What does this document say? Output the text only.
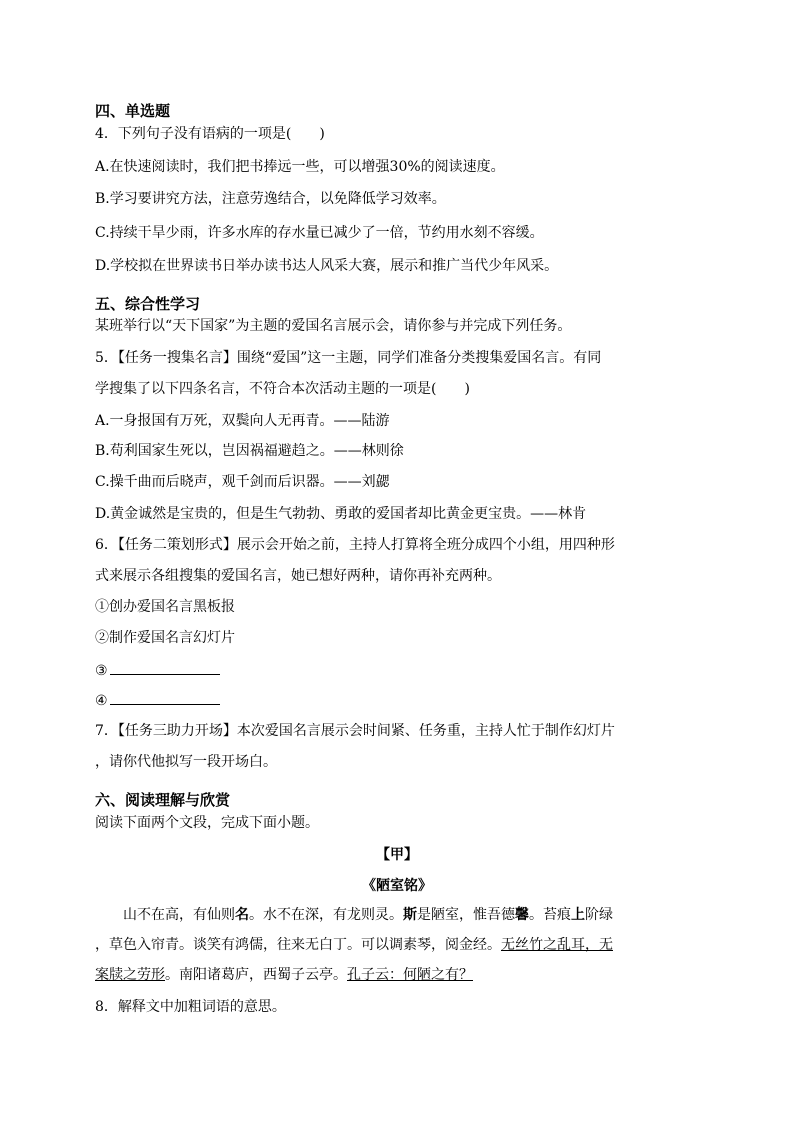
四、单选题
4．下列句子没有语病的一项是(　　)
A.在快速阅读时，我们把书捧远一些，可以增强30%的阅读速度。
B.学习要讲究方法，注意劳逸结合，以免降低学习效率。
C.持续干旱少雨，许多水库的存水量已减少了一倍，节约用水刻不容缓。
D.学校拟在世界读书日举办读书达人风采大赛，展示和推广当代少年风采。
五、综合性学习
某班举行以“天下国家”为主题的爱国名言展示会，请你参与并完成下列任务。
5．【任务一搜集名言】围绕“爱国”这一主题，同学们准备分类搜集爱国名言。有同
学搜集了以下四条名言，不符合本次活动主题的一项是(　　)
A.一身报国有万死，双鬓向人无再青。——陆游
B.苟利国家生死以，岂因祸福避趋之。——林则徐
C.操千曲而后晓声，观千剑而后识器。——刘勰
D.黄金诚然是宝贵的，但是生气勃勃、勇敢的爱国者却比黄金更宝贵。——林肯
6．【任务二策划形式】展示会开始之前，主持人打算将全班分成四个小组，用四种形
式来展示各组搜集的爱国名言，她已想好两种，请你再补充两种。
①创办爱国名言黑板报
②制作爱国名言幻灯片
③
④
7．【任务三助力开场】本次爱国名言展示会时间紧、任务重，主持人忙于制作幻灯片
，请你代他拟写一段开场白。
六、阅读理解与欣赏
阅读下面两个文段，完成下面小题。
【甲】
《陋室铭》
山不在高，有仙则名。水不在深，有龙则灵。斯是陋室，惟吾德馨。苔痕上阶绿
，草色入帘青。谈笑有鸿儒，往来无白丁。可以调素琴，阅金经。无丝竹之乱耳，无
案牍之劳形。南阳诸葛庐，西蜀子云亭。孔子云：何陋之有？
8．解释文中加粗词语的意思。
